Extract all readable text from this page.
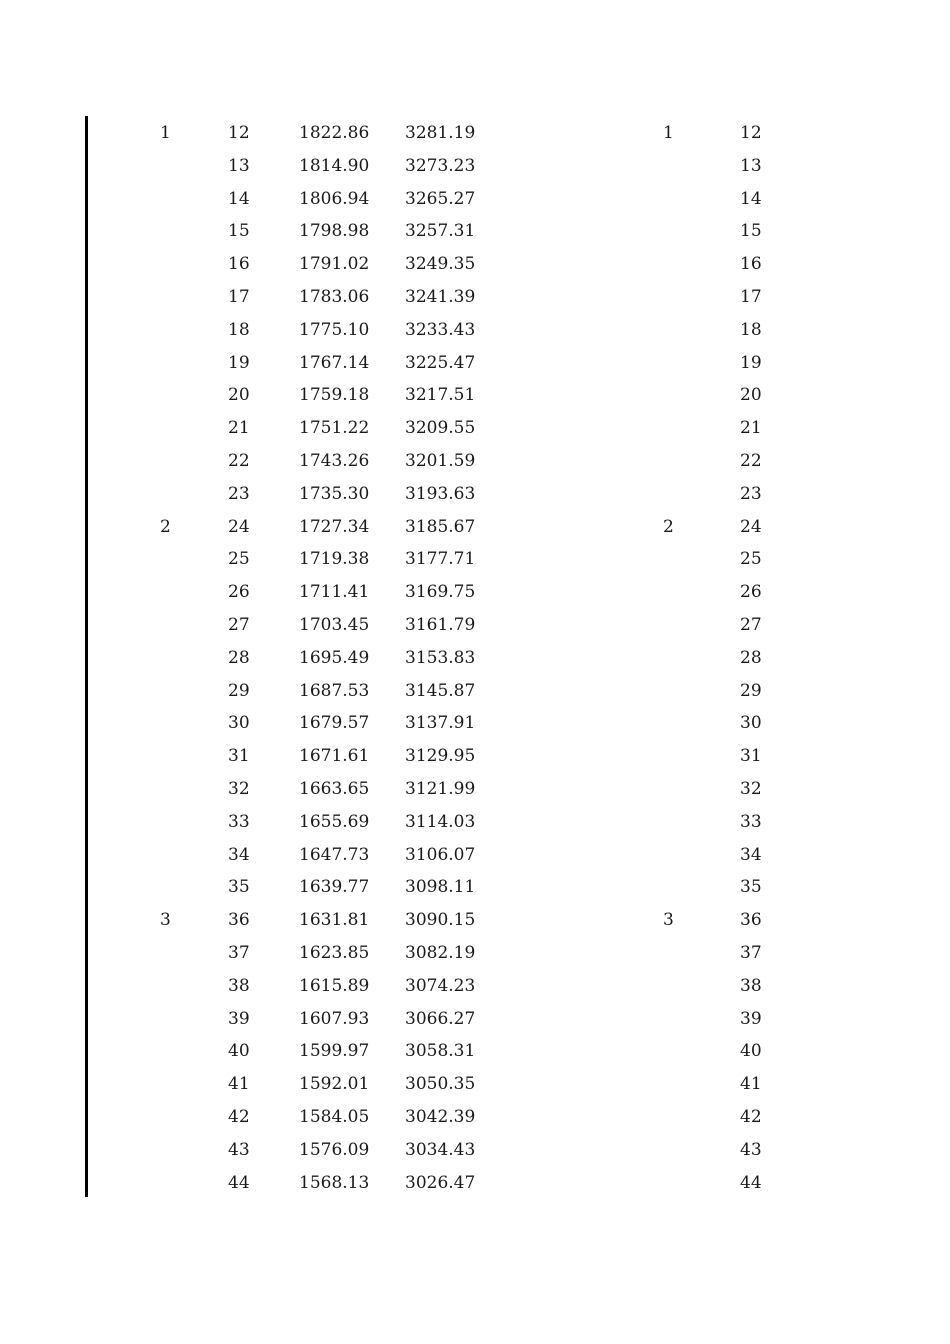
1	12	1822.86 3281.19	1	12
13	1814.90 3273.23	13
14	1806.94 3265.27	14
15	1798.98 3257.31	15
16	1791.02 3249.35	16
17	1783.06 3241.39	17
18	1775.10 3233.43	18
19	1767.14 3225.47	19
20	1759.18 3217.51	20
21	1751.22 3209.55	21
22	1743.26 3201.59	22
23	1735.30 3193.63	23
2	24	1727.34 3185.67	2	24
25	1719.38 3177.71	25
26	1711.41 3169.75	26
27	1703.45 3161.79	27
28	1695.49 3153.83	28
29	1687.53 3145.87	29
30	1679.57 3137.91	30
31	1671.61 3129.95	31
32	1663.65 3121.99	32
33	1655.69 3114.03	33
34	1647.73 3106.07	34
35	1639.77 3098.11	35
3	36	1631.81 3090.15	3	36
37	1623.85 3082.19	37
38	1615.89 3074.23	38
39	1607.93 3066.27	39
40	1599.97 3058.31	40
41	1592.01 3050.35	41
42	1584.05 3042.39	42
43	1576.09 3034.43	43
44	1568.13 3026.47	44
